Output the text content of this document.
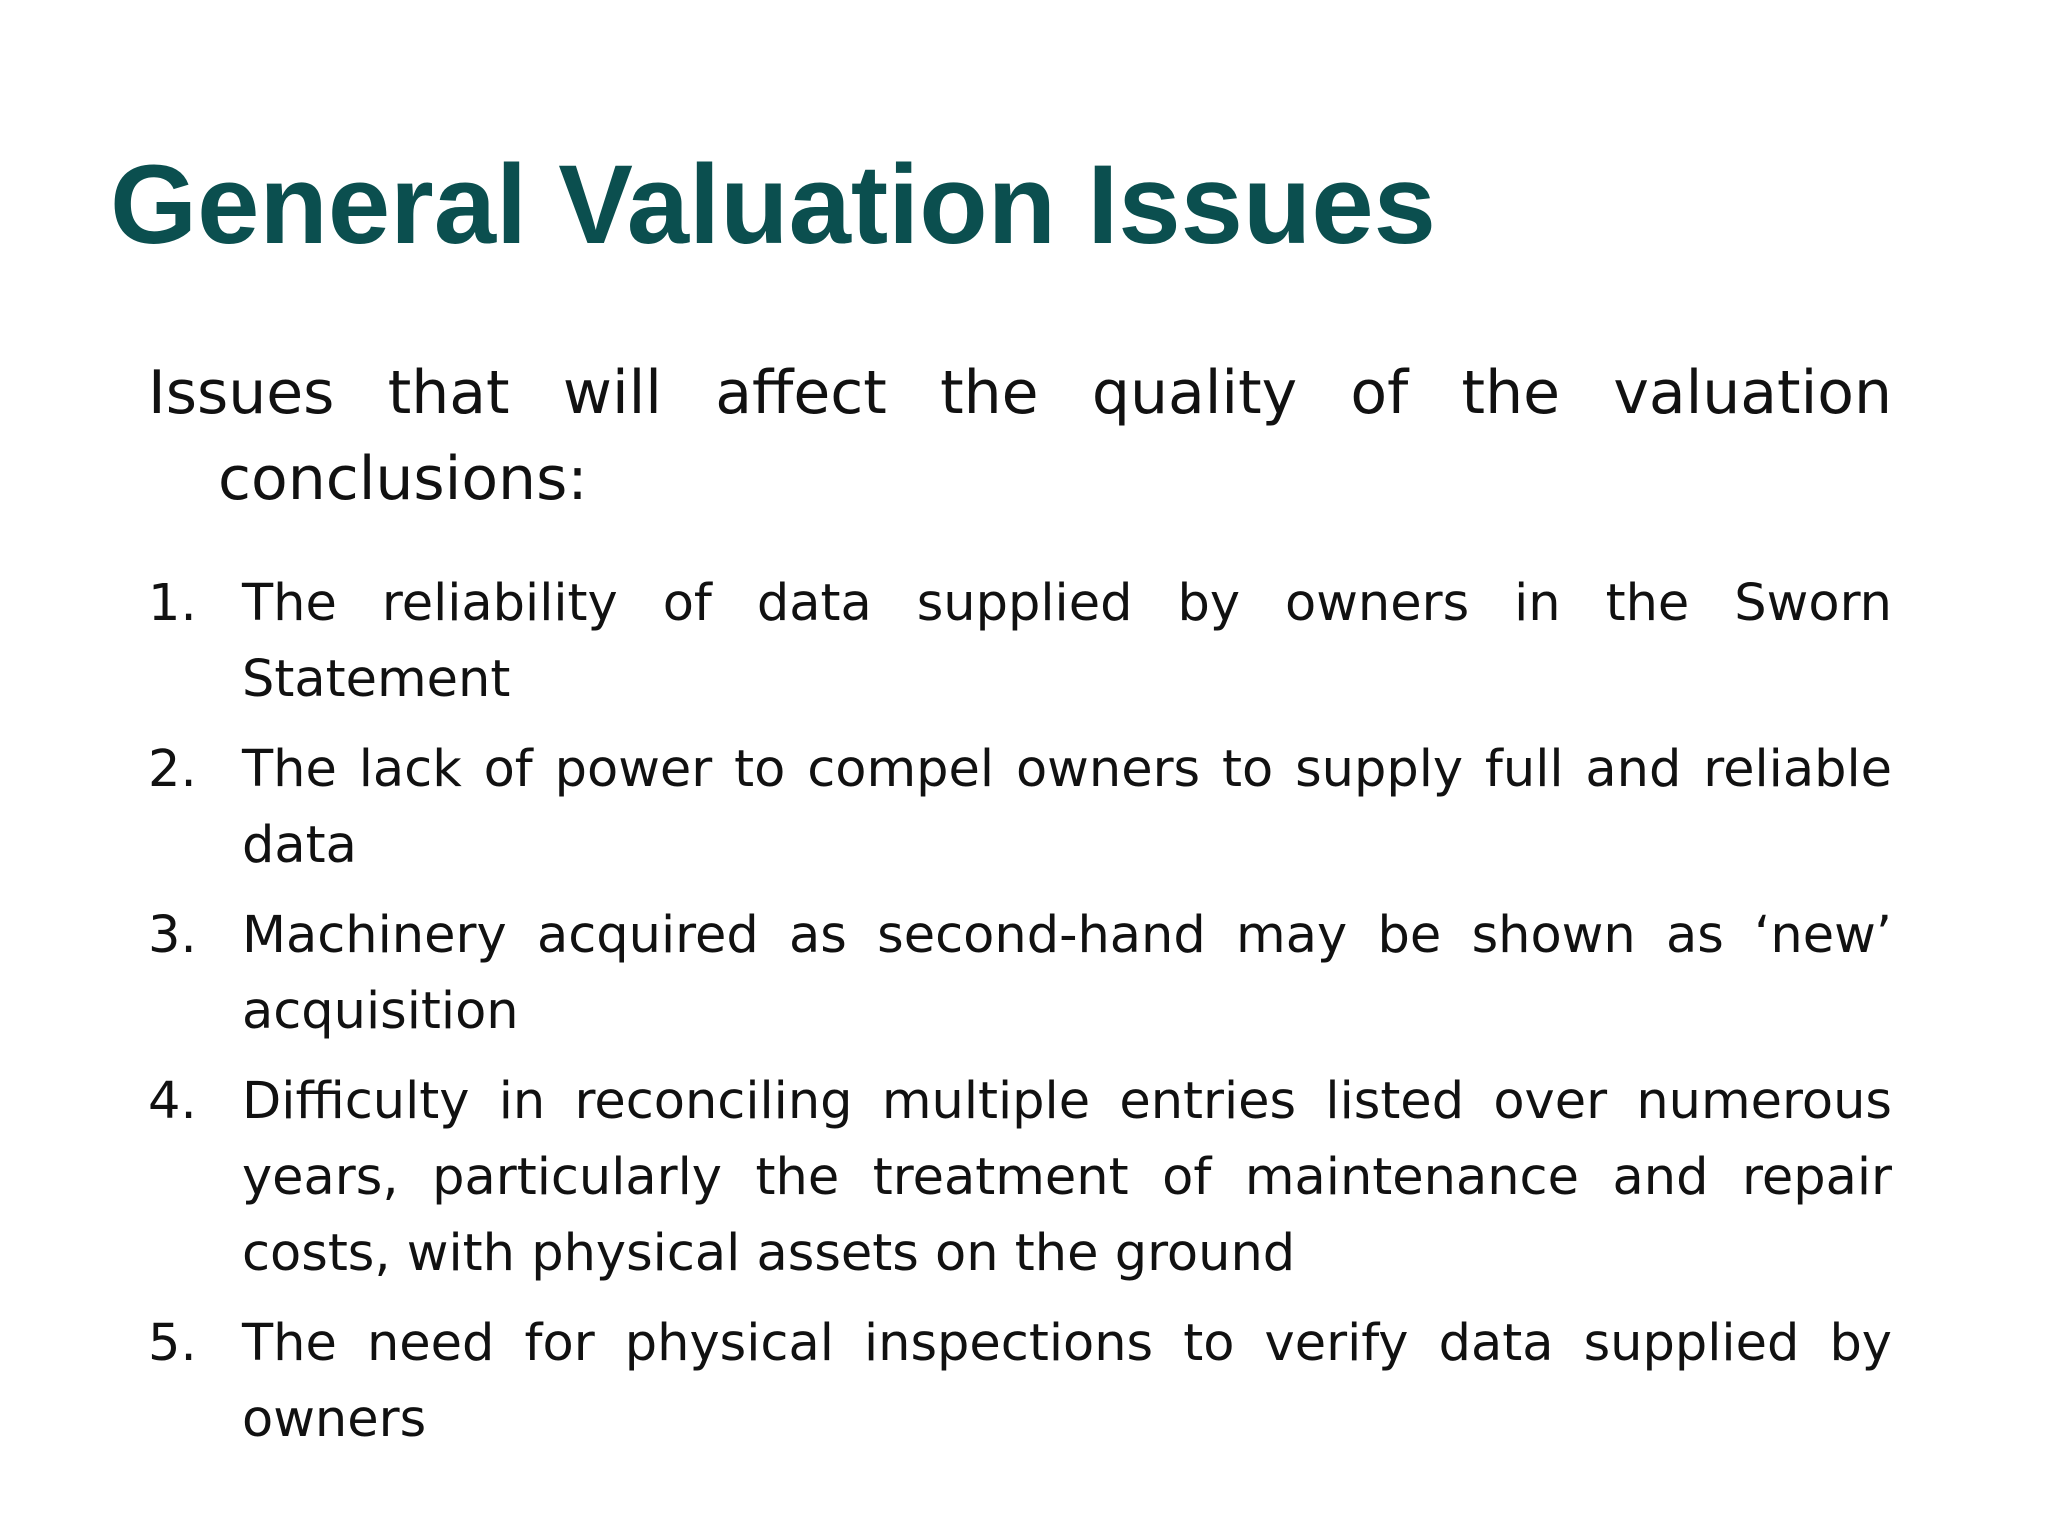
General Valuation Issues

Issues that will affect the quality of the valuation conclusions:

1. The reliability of data supplied by owners in the Sworn Statement
2. The lack of power to compel owners to supply full and reliable data
3. Machinery acquired as second-hand may be shown as ‘new’ acquisition
4. Difficulty in reconciling multiple entries listed over numerous years, particularly the treatment of maintenance and repair costs, with physical assets on the ground
5. The need for physical inspections to verify data supplied by owners
